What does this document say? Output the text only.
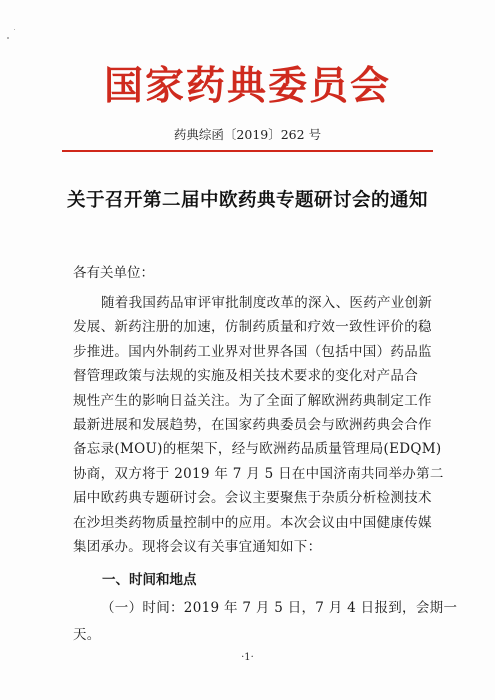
国家药典委员会
药典综函〔2019〕262 号
关于召开第二届中欧药典专题研讨会的通知
各有关单位：
随着我国药品审评审批制度改革的深入、医药产业创新
发展、新药注册的加速，仿制药质量和疗效一致性评价的稳
步推进。国内外制药工业界对世界各国（包括中国）药品监
督管理政策与法规的实施及相关技术要求的变化对产品合
规性产生的影响日益关注。为了全面了解欧洲药典制定工作
最新进展和发展趋势，在国家药典委员会与欧洲药典会合作
备忘录(MOU)的框架下，经与欧洲药品质量管理局(EDQM)
协商，双方将于 2019 年 7 月 5 日在中国济南共同举办第二
届中欧药典专题研讨会。会议主要聚焦于杂质分析检测技术
在沙坦类药物质量控制中的应用。本次会议由中国健康传媒
集团承办。现将会议有关事宜通知如下：
一、时间和地点
（一）时间：2019 年 7 月 5 日，7 月 4 日报到，会期一
天。
·1·
